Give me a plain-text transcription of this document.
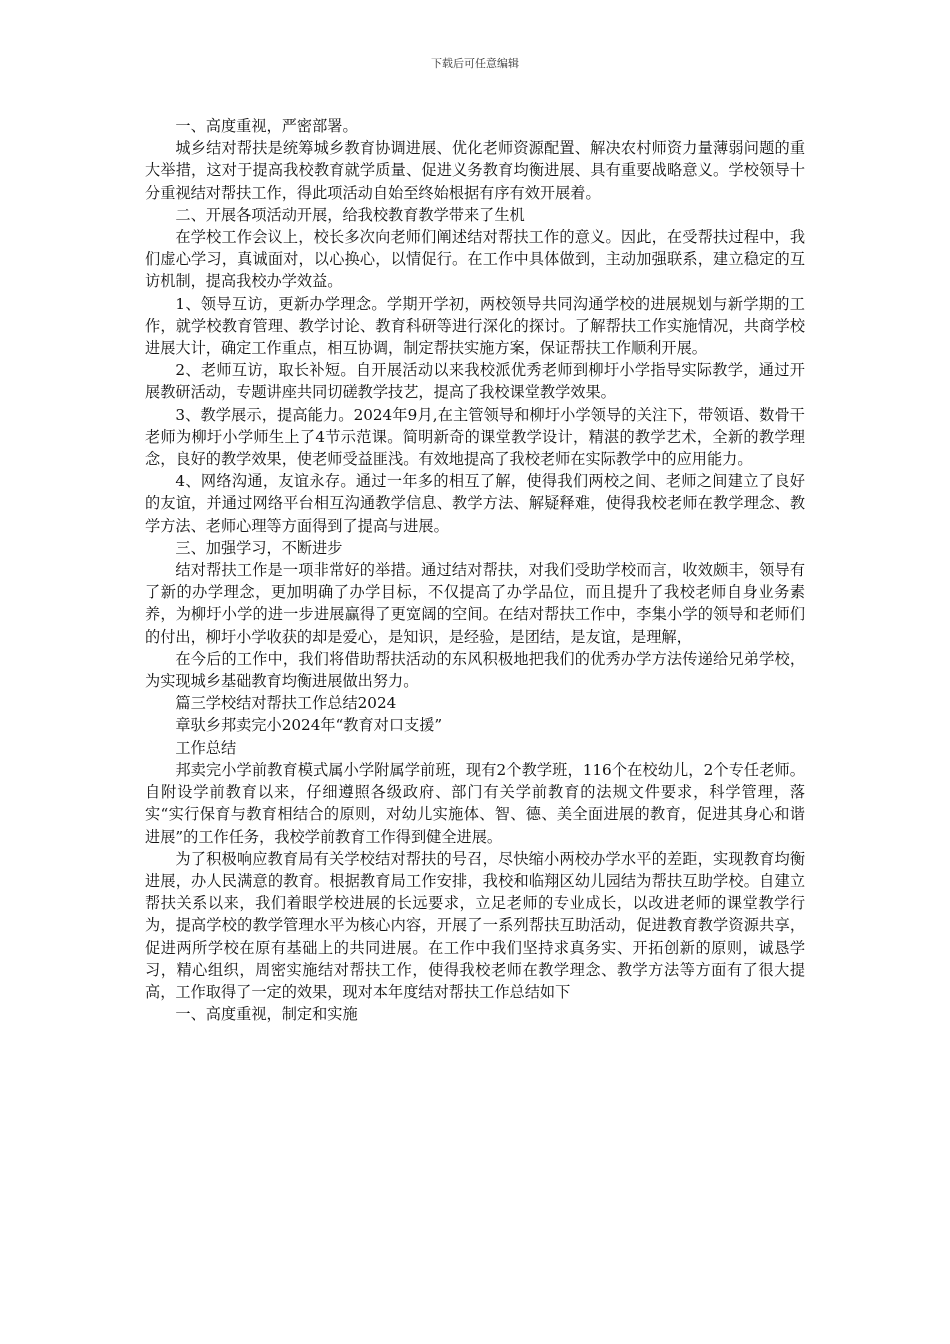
下载后可任意编辑

一、高度重视，严密部署。

城乡结对帮扶是统筹城乡教育协调进展、优化老师资源配置、解决农村师资力量薄弱问题的重大举措，这对于提高我校教育就学质量、促进义务教育均衡进展、具有重要战略意义。学校领导十分重视结对帮扶工作，得此项活动自始至终始根据有序有效开展着。

二、开展各项活动开展，给我校教育教学带来了生机

在学校工作会议上，校长多次向老师们阐述结对帮扶工作的意义。因此，在受帮扶过程中，我们虚心学习，真诚面对，以心换心，以情促行。在工作中具体做到，主动加强联系，建立稳定的互访机制，提高我校办学效益。

1、领导互访，更新办学理念。学期开学初，两校领导共同沟通学校的进展规划与新学期的工作，就学校教育管理、教学讨论、教育科研等进行深化的探讨。了解帮扶工作实施情况，共商学校进展大计，确定工作重点，相互协调，制定帮扶实施方案，保证帮扶工作顺利开展。

2、老师互访，取长补短。自开展活动以来我校派优秀老师到柳圩小学指导实际教学，通过开展教研活动，专题讲座共同切磋教学技艺，提高了我校课堂教学效果。

3、教学展示，提高能力。2024年9月,在主管领导和柳圩小学领导的关注下，带领语、数骨干老师为柳圩小学师生上了4节示范课。简明新奇的课堂教学设计，精湛的教学艺术，全新的教学理念，良好的教学效果，使老师受益匪浅。有效地提高了我校老师在实际教学中的应用能力。

4、网络沟通，友谊永存。通过一年多的相互了解，使得我们两校之间、老师之间建立了良好的友谊，并通过网络平台相互沟通教学信息、教学方法、解疑释难，使得我校老师在教学理念、教学方法、老师心理等方面得到了提高与进展。

三、加强学习，不断进步

结对帮扶工作是一项非常好的举措。通过结对帮扶，对我们受助学校而言，收效颇丰，领导有了新的办学理念，更加明确了办学目标，不仅提高了办学品位，而且提升了我校老师自身业务素养，为柳圩小学的进一步进展赢得了更宽阔的空间。在结对帮扶工作中，李集小学的领导和老师们的付出，柳圩小学收获的却是爱心，是知识，是经验，是团结，是友谊，是理解，

在今后的工作中，我们将借助帮扶活动的东风积极地把我们的优秀办学方法传递给兄弟学校，为实现城乡基础教育均衡进展做出努力。

篇三学校结对帮扶工作总结2024

章驮乡邦卖完小2024年“教育对口支援”

工作总结

邦卖完小学前教育模式属小学附属学前班，现有2个教学班，116个在校幼儿，2个专任老师。自附设学前教育以来，仔细遵照各级政府、部门有关学前教育的法规文件要求，科学管理，落实“实行保育与教育相结合的原则，对幼儿实施体、智、德、美全面进展的教育，促进其身心和谐进展”的工作任务，我校学前教育工作得到健全进展。

为了积极响应教育局有关学校结对帮扶的号召，尽快缩小两校办学水平的差距，实现教育均衡进展，办人民满意的教育。根据教育局工作安排，我校和临翔区幼儿园结为帮扶互助学校。自建立帮扶关系以来，我们着眼学校进展的长远要求，立足老师的专业成长，以改进老师的课堂教学行为，提高学校的教学管理水平为核心内容，开展了一系列帮扶互助活动，促进教育教学资源共享，促进两所学校在原有基础上的共同进展。在工作中我们坚持求真务实、开拓创新的原则，诚恳学习，精心组织，周密实施结对帮扶工作，使得我校老师在教学理念、教学方法等方面有了很大提高，工作取得了一定的效果，现对本年度结对帮扶工作总结如下

一、高度重视，制定和实施
